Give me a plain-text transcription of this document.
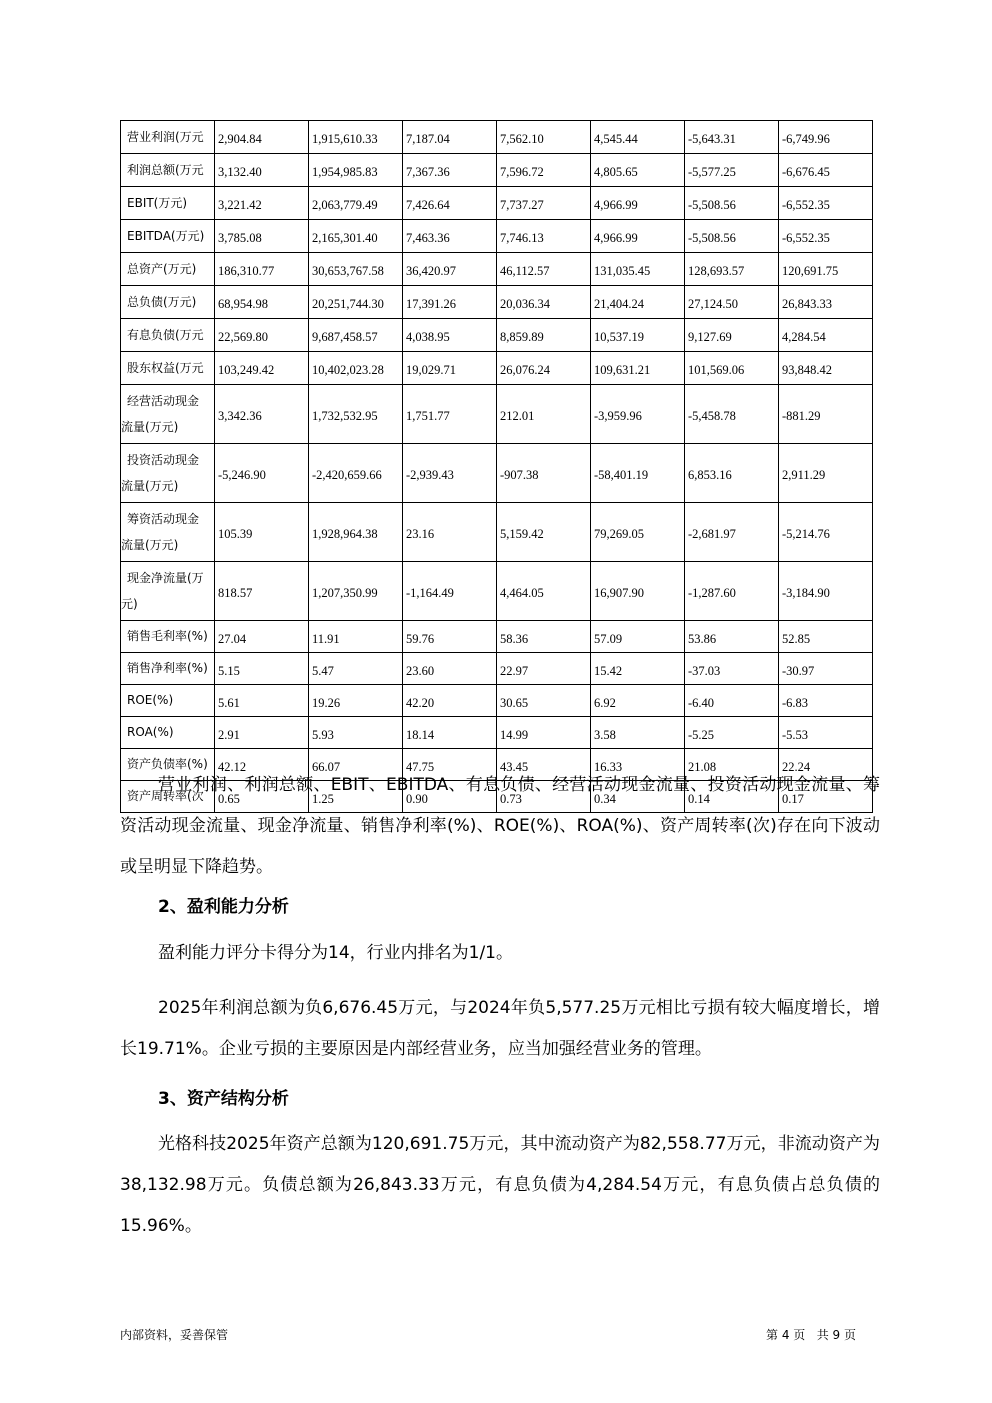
营业利润(万元	2,904.84	1,915,610.33	7,187.04	7,562.10	4,545.44	-5,643.31	-6,749.96
利润总额(万元	3,132.40	1,954,985.83	7,367.36	7,596.72	4,805.65	-5,577.25	-6,676.45
EBIT(万元)	3,221.42	2,063,779.49	7,426.64	7,737.27	4,966.99	-5,508.56	-6,552.35
EBITDA(万元)	3,785.08	2,165,301.40	7,463.36	7,746.13	4,966.99	-5,508.56	-6,552.35
总资产(万元)	186,310.77	30,653,767.58	36,420.97	46,112.57	131,035.45	128,693.57	120,691.75
总负债(万元)	68,954.98	20,251,744.30	17,391.26	20,036.34	21,404.24	27,124.50	26,843.33
有息负债(万元	22,569.80	9,687,458.57	4,038.95	8,859.89	10,537.19	9,127.69	4,284.54
股东权益(万元	103,249.42	10,402,023.28	19,029.71	26,076.24	109,631.21	101,569.06	93,848.42

经营活动现金
流量(万元)	3,342.36	1,732,532.95	1,751.77	212.01	-3,959.96	-5,458.78	-881.29

投资活动现金
流量(万元)	-5,246.90	-2,420,659.66	-2,939.43	-907.38	-58,401.19	6,853.16	2,911.29

筹资活动现金
流量(万元)	105.39	1,928,964.38	23.16	5,159.42	79,269.05	-2,681.97	-5,214.76

现金净流量(万
元)	818.57	1,207,350.99	-1,164.49	4,464.05	16,907.90	-1,287.60	-3,184.90
销售毛利率(%)	27.04	11.91	59.76	58.36	57.09	53.86	52.85
销售净利率(%)	5.15	5.47	23.60	22.97	15.42	-37.03	-30.97
ROE(%)	5.61	19.26	42.20	30.65	6.92	-6.40	-6.83
ROA(%)	2.91	5.93	18.14	14.99	3.58	-5.25	-5.53
资产负债率(%)	42.12	66.07	47.75	43.45	16.33	21.08	22.24
资产周转率(次	0.65	1.25	0.90	0.73	0.34	0.14	0.17
营业利润、利润总额、EBIT、EBITDA、有息负债、经营活动现金流量、投资活动现金流量、筹资活动现金流量、现金净流量、销售净利率(%)、ROE(%)、ROA(%)、资产周转率(次)存在向下波动或呈明显下降趋势。
2、盈利能力分析
盈利能力评分卡得分为14，行业内排名为1/1。
2025年利润总额为负6,676.45万元，与2024年负5,577.25万元相比亏损有较大幅度增长，增长19.71%。企业亏损的主要原因是内部经营业务，应当加强经营业务的管理。
3、资产结构分析
光格科技2025年资产总额为120,691.75万元，其中流动资产为82,558.77万元，非流动资产为38,132.98万元。负债总额为26,843.33万元，有息负债为4,284.54万元，有息负债占总负债的15.96%。
内部资料，妥善保管	第 4 页   共 9 页
